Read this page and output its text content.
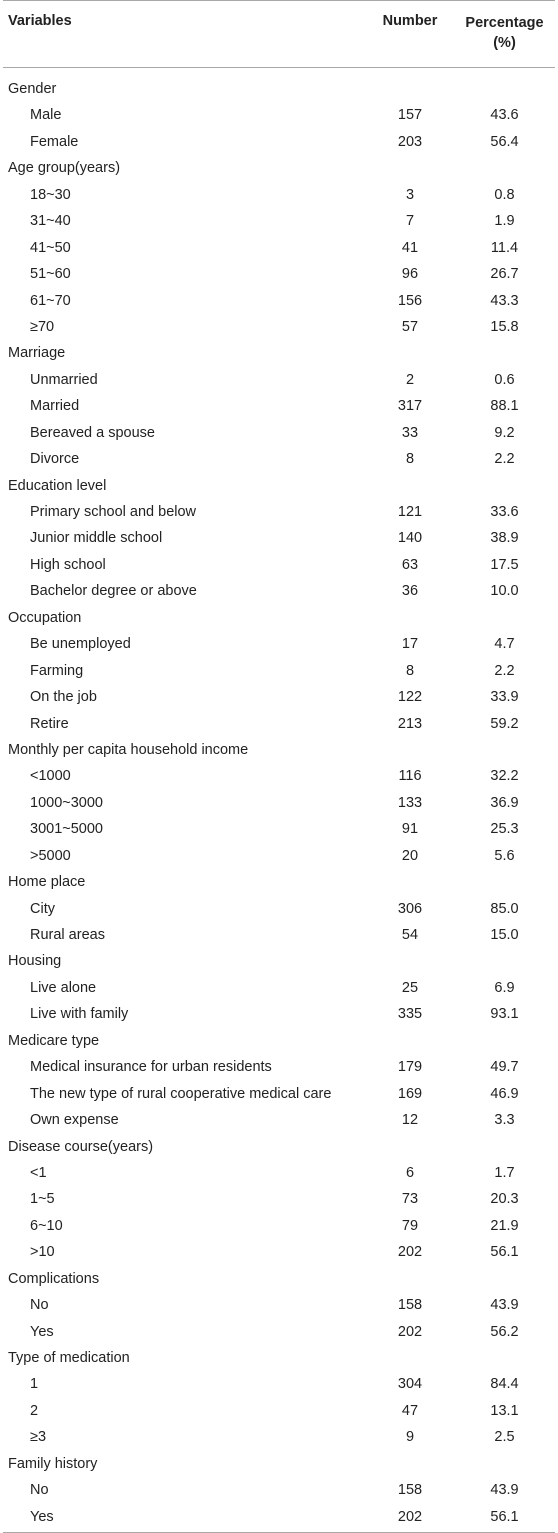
Variables	Number	Percentage
(%)
Gender
Male	157	43.6
Female	203	56.4
Age group(years)
18~30	3	0.8
31~40	7	1.9
41~50	41	11.4
51~60	96	26.7
61~70	156	43.3
≥70	57	15.8
Marriage
Unmarried	2	0.6
Married	317	88.1
Bereaved a spouse	33	9.2
Divorce	8	2.2
Education level
Primary school and below	121	33.6
Junior middle school	140	38.9
High school	63	17.5
Bachelor degree or above	36	10.0
Occupation
Be unemployed	17	4.7
Farming	8	2.2
On the job	122	33.9
Retire	213	59.2
Monthly per capita household income
<1000	116	32.2
1000~3000	133	36.9
3001~5000	91	25.3
>5000	20	5.6
Home place
City	306	85.0
Rural areas	54	15.0
Housing
Live alone	25	6.9
Live with family	335	93.1
Medicare type
Medical insurance for urban residents	179	49.7
The new type of rural cooperative medical care	169	46.9
Own expense	12	3.3
Disease course(years)
<1	6	1.7
1~5	73	20.3
6~10	79	21.9
>10	202	56.1
Complications
No	158	43.9
Yes	202	56.2
Type of medication
1	304	84.4
2	47	13.1
≥3	9	2.5
Family history
No	158	43.9
Yes	202	56.1
